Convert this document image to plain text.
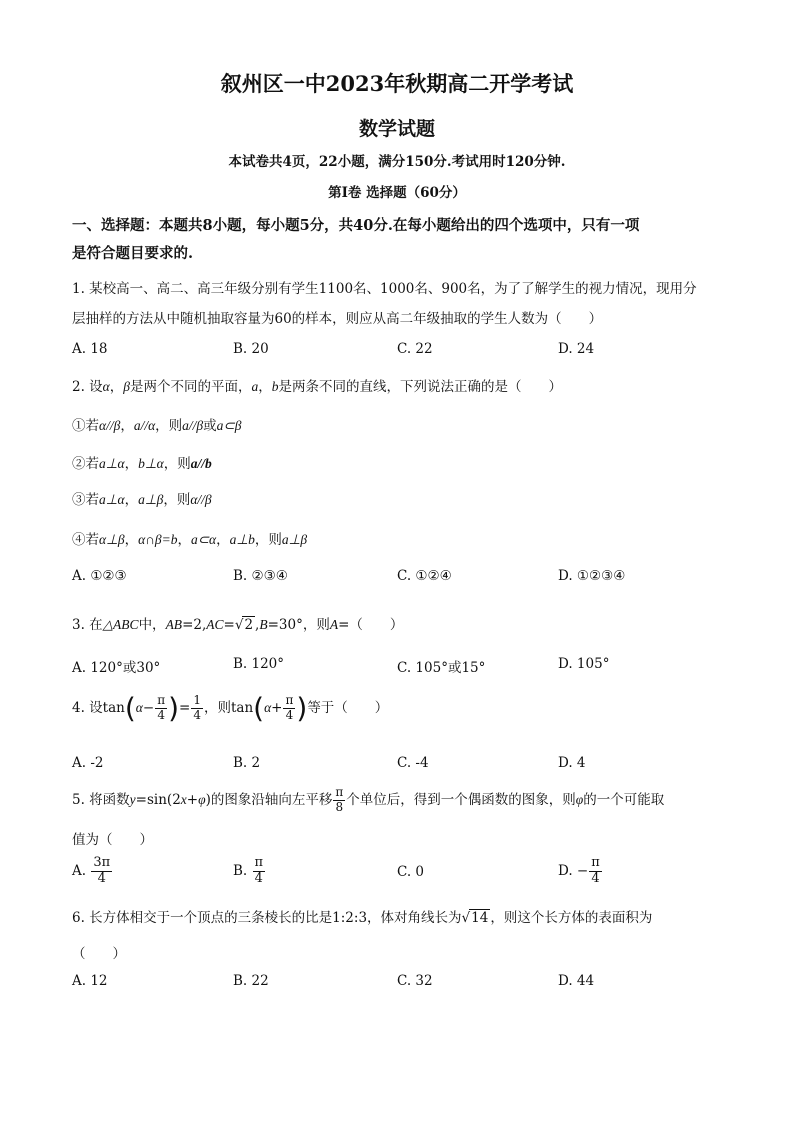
叙州区一中2023年秋期高二开学考试
数学试题
本试卷共4页，22小题，满分150分.考试用时120分钟.
第I卷 选择题（60分）
一、选择题：本题共8小题，每小题5分，共40分.在每小题给出的四个选项中，只有一项
是符合题目要求的.
1. 某校高一、高二、高三年级分别有学生1100名、1000名、900名，为了了解学生的视力情况，现用分
层抽样的方法从中随机抽取容量为60的样本，则应从高二年级抽取的学生人数为（　　）
A. 18	B. 20	C. 22	D. 24
2. 设α，β是两个不同的平面，a，b是两条不同的直线，下列说法正确的是（　　）
①若α//β，a//α，则a//β或a⊂β
②若a⊥α，b⊥α，则a//b
③若a⊥α，a⊥β，则α//β
④若α⊥β，α∩β=b，a⊂α，a⊥b，则a⊥β
A. ①②③	B. ②③④	C. ①②④	D. ①②③④
3. 在△ABC中，AB=2,AC=√2 ,B=30°，则A=（　　）
A. 120°或30°	B. 120°	C. 105°或15°	D. 105°
4. 设$\tan(\alpha- \frac{\pi}{4}$ )= $\frac{1}{4}$ ，则$\tan(\alpha+ \frac{\pi}{4}$ )等于（　　）
A. -2	B. 2	C. -4	D. 4
5. 将函数y=sin(2x+φ)的图象沿轴向左平移 $\frac{\pi}{8}$ 个单位后，得到一个偶函数的图象，则φ的一个可能取
值为（　　）
A. $\frac{3\pi}{4}$	B. $\frac{\pi}{4}$	C. 0	D. − $\frac{\pi}{4}$
6. 长方体相交于一个顶点的三条棱长的比是1:2:3，体对角线长为√14 ，则这个长方体的表面积为
（　　）
A. 12	B. 22	C. 32	D. 44
